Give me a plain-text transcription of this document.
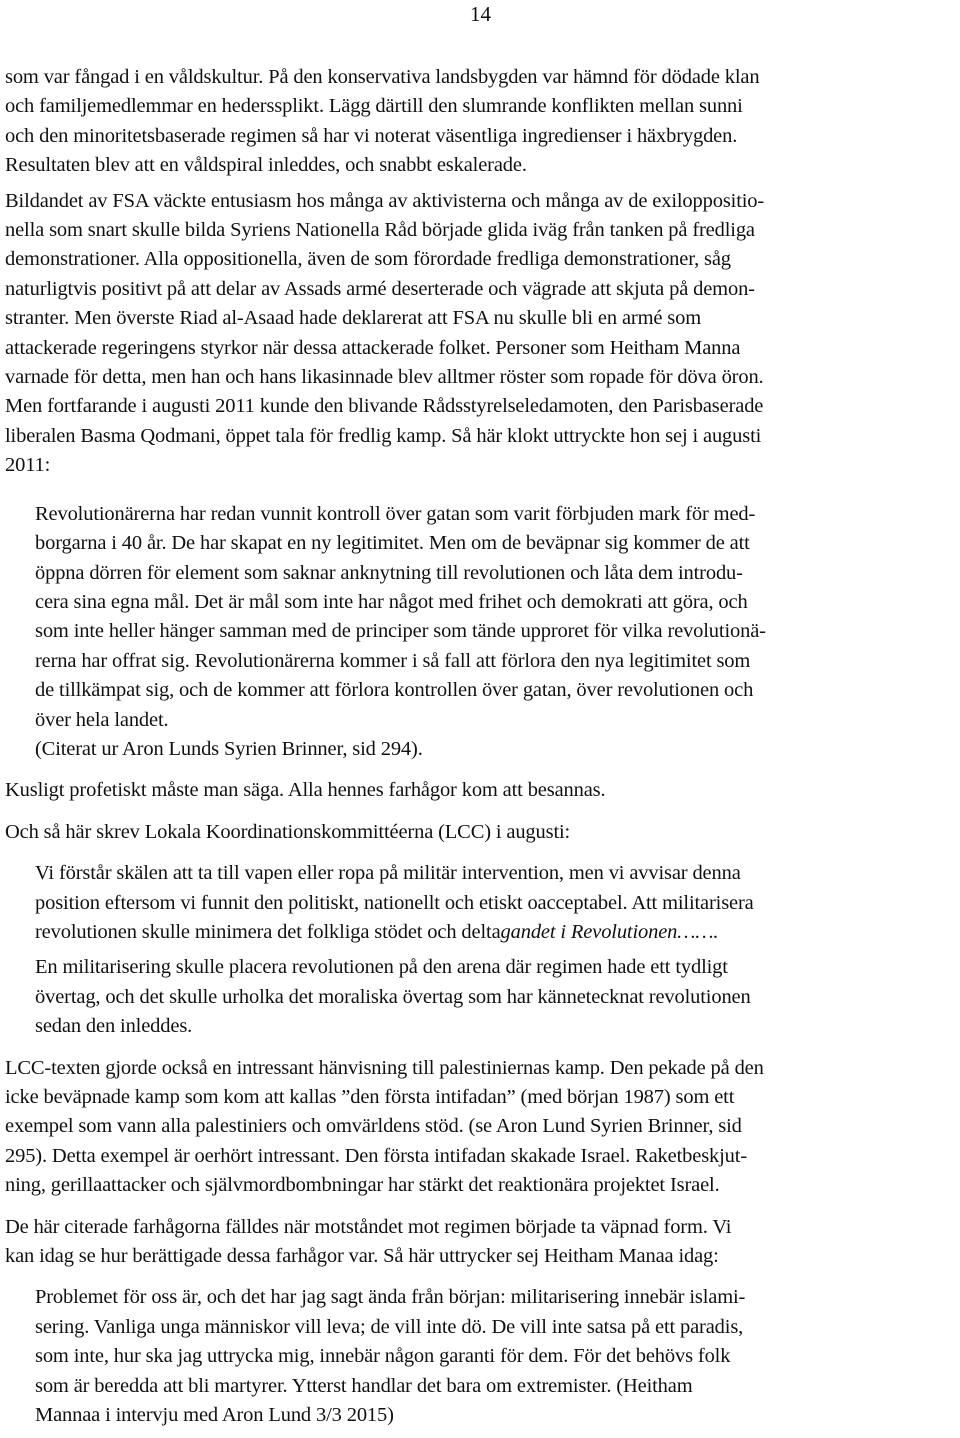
14
som var fångad i en våldskultur. På den konservativa landsbygden var hämnd för dödade klan
och familjemedlemmar en hederssplikt. Lägg därtill den slumrande konflikten mellan sunni
och den minoritetsbaserade regimen så har vi noterat väsentliga ingredienser i häxbrygden.
Resultaten blev att en våldspiral inleddes, och snabbt eskalerade.
Bildandet av FSA väckte entusiasm hos många av aktivisterna och många av de exiloppositio-
nella som snart skulle bilda Syriens Nationella Råd började glida iväg från tanken på fredliga
demonstrationer. Alla oppositionella, även de som förordade fredliga demonstrationer, såg
naturligtvis positivt på att delar av Assads armé deserterade och vägrade att skjuta på demon-
stranter. Men överste Riad al-Asaad hade deklarerat att FSA nu skulle bli en armé som
attackerade regeringens styrkor när dessa attackerade folket. Personer som Heitham Manna
varnade för detta, men han och hans likasinnade blev alltmer röster som ropade för döva öron.
Men fortfarande i augusti 2011 kunde den blivande Rådsstyrelseledamoten, den Parisbaserade
liberalen Basma Qodmani, öppet tala för fredlig kamp. Så här klokt uttryckte hon sej i augusti
2011:
Revolutionärerna har redan vunnit kontroll över gatan som varit förbjuden mark för med-
borgarna i 40 år. De har skapat en ny legitimitet. Men om de beväpnar sig kommer de att
öppna dörren för element som saknar anknytning till revolutionen och låta dem introdu-
cera sina egna mål. Det är mål som inte har något med frihet och demokrati att göra, och
som inte heller hänger samman med de principer som tände upproret för vilka revolutionä-
rerna har offrat sig. Revolutionärerna kommer i så fall att förlora den nya legitimitet som
de tillkämpat sig, och de kommer att förlora kontrollen över gatan, över revolutionen och
över hela landet.
(Citerat ur Aron Lunds Syrien Brinner, sid 294).
Kusligt profetiskt måste man säga. Alla hennes farhågor kom att besannas.
Och så här skrev Lokala Koordinationskommittéerna (LCC) i augusti:
Vi förstår skälen att ta till vapen eller ropa på militär intervention, men vi avvisar denna
position eftersom vi funnit den politiskt, nationellt och etiskt oacceptabel. Att militarisera
revolutionen skulle minimera det folkliga stödet och deltagandet i Revolutionen…….
En militarisering skulle placera revolutionen på den arena där regimen hade ett tydligt
övertag, och det skulle urholka det moraliska övertag som har kännetecknat revolutionen
sedan den inleddes.
LCC-texten gjorde också en intressant hänvisning till palestiniernas kamp. Den pekade på den
icke beväpnade kamp som kom att kallas ”den första intifadan” (med början 1987) som ett
exempel som vann alla palestiniers och omvärldens stöd. (se Aron Lund Syrien Brinner, sid
295). Detta exempel är oerhört intressant. Den första intifadan skakade Israel. Raketbeskjut-
ning, gerillaattacker och självmordbombningar har stärkt det reaktionära projektet Israel.
De här citerade farhågorna fälldes när motståndet mot regimen började ta väpnad form. Vi
kan idag se hur berättigade dessa farhågor var. Så här uttrycker sej Heitham Manaa idag:
Problemet för oss är, och det har jag sagt ända från början: militarisering innebär islami-
sering. Vanliga unga människor vill leva; de vill inte dö. De vill inte satsa på ett paradis,
som inte, hur ska jag uttrycka mig, innebär någon garanti för dem. För det behövs folk
som är beredda att bli martyrer. Ytterst handlar det bara om extremister. (Heitham
Mannaa i intervju med Aron Lund 3/3 2015)
